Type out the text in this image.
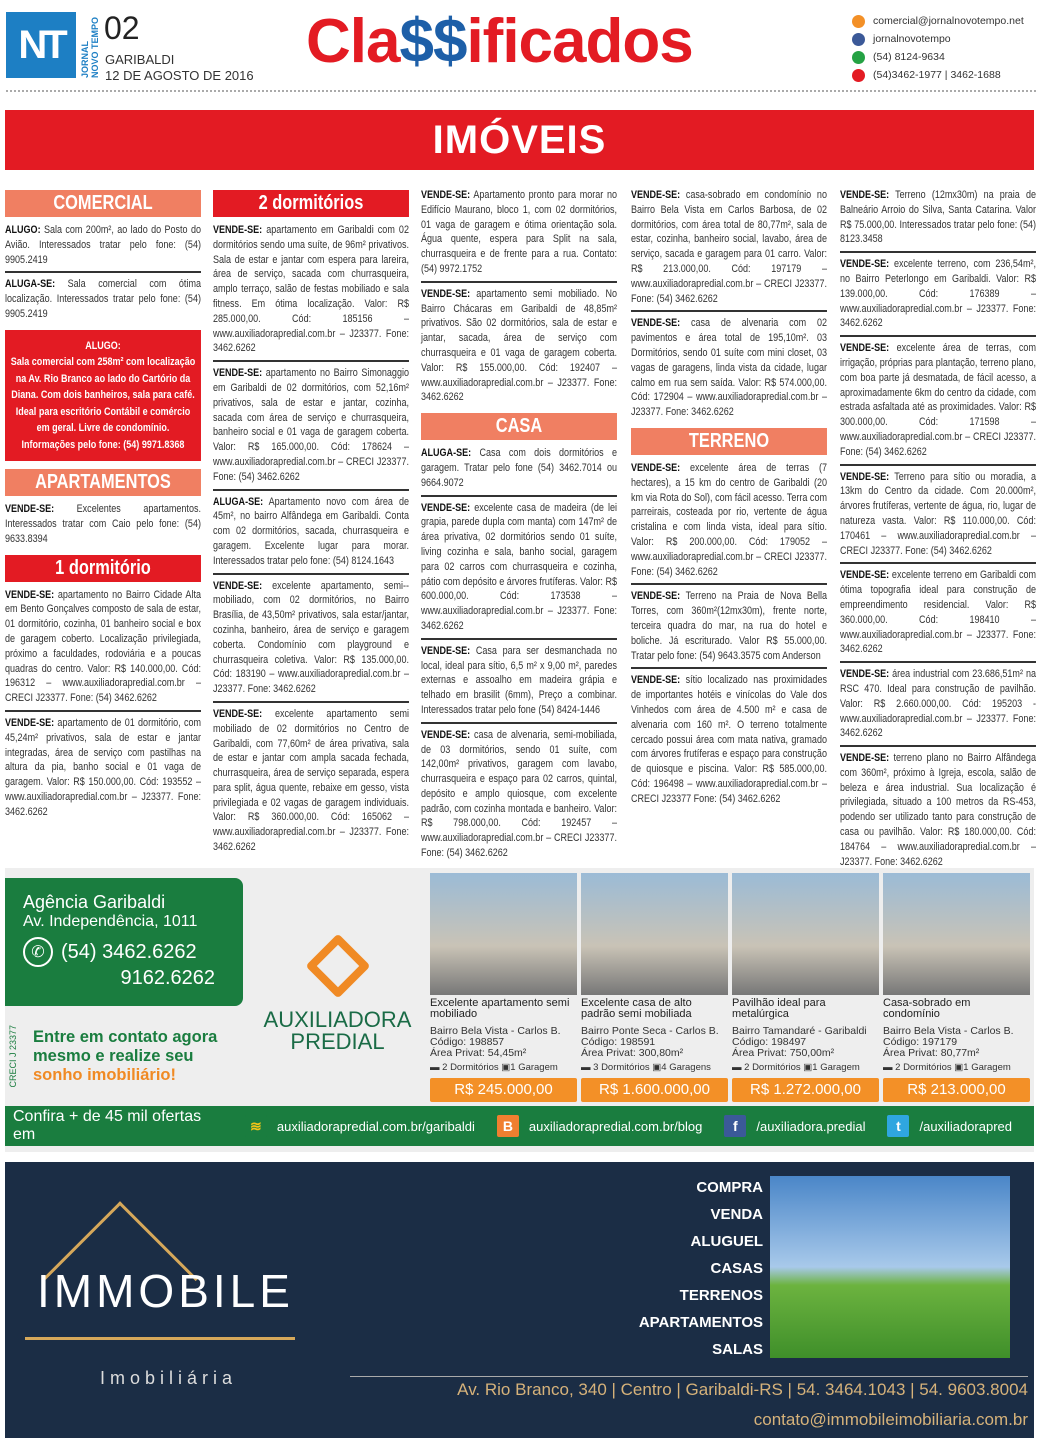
NT	JORNAL NOVO TEMPO 02
GARIBALDI
12 DE AGOSTO DE 2016 Cla$$ificados	comercial@jornalnovotempo.net
jornalnovotempo
(54) 8124-9634
(54)3462-1977 | 3462-1688
IMÓVEIS
COMERCIAL
ALUGO: Sala com 200m², ao lado do Posto do Avião. Interessados tratar pelo fone: (54) 9905.2419
ALUGA-SE: Sala comercial com ótima localização. Interessados tratar pelo fone: (54) 9905.2419
ALUGO:
Sala comercial com 258m² com localização na Av. Rio Branco ao lado do Cartório da Diana. Com dois banheiros, sala para café. Ideal para escritório Contábil e comércio em geral. Livre de condomínio. Informações pelo fone: (54) 9971.8368
APARTAMENTOS
VENDE-SE: Excelentes apartamentos. Interessados tratar com Caio pelo fone: (54) 9633.8394
1 dormitório
VENDE-SE: apartamento no Bairro Cidade Alta em Bento Gonçalves composto de sala de estar, 01 dormitório, cozinha, 01 banheiro social e box de garagem coberto. Localização privilegiada, próximo a faculdades, rodoviária e a poucas quadras do centro. Valor: R$ 140.000,00. Cód: 196312 – www.auxiliadorapredial.com.br – CRECI J23377. Fone: (54) 3462.6262
VENDE-SE: apartamento de 01 dormitório, com 45,24m² privativos, sala de estar e jantar integradas, área de serviço com pastilhas na altura da pia, banho social e 01 vaga de garagem. Valor: R$ 150.000,00. Cód: 193552 – www.auxiliadorapredial.com.br – J23377. Fone: 3462.6262
2 dormitórios
VENDE-SE: apartamento em Garibaldi com 02 dormitórios sendo uma suíte, de 96m² privativos. Sala de estar e jantar com espera para lareira, área de serviço, sacada com churrasqueira, amplo terraço, salão de festas mobiliado e sala fitness. Em ótima localização. Valor: R$ 285.000,00. Cód: 185156 – www.auxiliadorapredial.com.br – J23377. Fone: 3462.6262
VENDE-SE: apartamento no Bairro Simonaggio em Garibaldi de 02 dormitórios, com 52,16m² privativos, sala de estar e jantar, cozinha, sacada com área de serviço e churrasqueira, banheiro social e 01 vaga de garagem coberta. Valor: R$ 165.000,00. Cód: 178624 – www.auxiliadorapredial.com.br – CRECI J23377. Fone: (54) 3462.6262
ALUGA-SE: Apartamento novo com área de 45m², no bairro Alfândega em Garibaldi. Conta com 02 dormitórios, sacada, churrasqueira e garagem. Excelente lugar para morar. Interessados tratar pelo fone: (54) 8124.1643
VENDE-SE: excelente apartamento, semi--mobiliado, com 02 dormitórios, no Bairro Brasília, de 43,50m² privativos, sala estar/jantar, cozinha, banheiro, área de serviço e garagem coberta. Condomínio com playground e churrasqueira coletiva. Valor: R$ 135.000,00. Cód: 183190 – www.auxiliadorapredial.com.br – J23377. Fone: 3462.6262
VENDE-SE: excelente apartamento semi mobiliado de 02 dormitórios no Centro de Garibaldi, com 77,60m² de área privativa, sala de estar e jantar com ampla sacada fechada, churrasqueira, área de serviço separada, espera para split, água quente, rebaixe em gesso, vista privilegiada e 02 vagas de garagem individuais. Valor: R$ 360.000,00. Cód: 165062 – www.auxiliadorapredial.com.br – J23377. Fone: 3462.6262
VENDE-SE: Apartamento pronto para morar no Edifício Maurano, bloco 1, com 02 dormitórios, 01 vaga de garagem e ótima orientação sola. Água quente, espera para Split na sala, churrasqueira e de frente para a rua. Contato: (54) 9972.1752
VENDE-SE: apartamento semi mobiliado. No Bairro Chácaras em Garibaldi de 48,85m² privativos. São 02 dormitórios, sala de estar e jantar, sacada, área de serviço com churrasqueira e 01 vaga de garagem coberta. Valor: R$ 155.000,00. Cód: 192407 – www.auxiliadorapredial.com.br – J23377. Fone: 3462.6262
CASA
ALUGA-SE: Casa com dois dormitórios e garagem. Tratar pelo fone (54) 3462.7014 ou 9664.9072
VENDE-SE: excelente casa de madeira (de lei grapia, parede dupla com manta) com 147m² de área privativa, 02 dormitórios sendo 01 suíte, living cozinha e sala, banho social, garagem para 02 carros com churrasqueira e cozinha, pátio com depósito e árvores frutíferas. Valor: R$ 600.000,00. Cód: 173538 – www.auxiliadorapredial.com.br – J23377. Fone: 3462.6262
VENDE-SE: Casa para ser desmanchada no local, ideal para sítio, 6,5 m² x 9,00 m², paredes externas e assoalho em madeira grápia e telhado em brasilit (6mm), Preço a combinar. Interessados tratar pelo fone (54) 8424-1446
VENDE-SE: casa de alvenaria, semi-mobiliada, de 03 dormitórios, sendo 01 suíte, com 142,00m² privativos, garagem com lavabo, churrasqueira e espaço para 02 carros, quintal, depósito e amplo quiosque, com excelente padrão, com cozinha montada e banheiro. Valor: R$ 798.000,00. Cód: 192457 – www.auxiliadorapredial.com.br – CRECI J23377. Fone: (54) 3462.6262
VENDE-SE: casa-sobrado em condomínio no Bairro Bela Vista em Carlos Barbosa, de 02 dormitórios, com área total de 80,77m², sala de estar, cozinha, banheiro social, lavabo, área de serviço, sacada e garagem para 01 carro. Valor: R$ 213.000,00. Cód: 197179 – www.auxiliadorapredial.com.br – CRECI J23377. Fone: (54) 3462.6262
VENDE-SE: casa de alvenaria com 02 pavimentos e área total de 195,10m². 03 Dormitórios, sendo 01 suíte com mini closet, 03 vagas de garagens, linda vista da cidade, lugar calmo em rua sem saída. Valor: R$ 574.000,00. Cód: 172904 – www.auxiliadorapredial.com.br – J23377. Fone: 3462.6262
TERRENO
VENDE-SE: excelente área de terras (7 hectares), a 15 km do centro de Garibaldi (20 km via Rota do Sol), com fácil acesso. Terra com parreirais, costeada por rio, vertente de água cristalina e com linda vista, ideal para sítio. Valor: R$ 200.000,00. Cód: 179052 – www.auxiliadorapredial.com.br – CRECI J23377. Fone: (54) 3462.6262
VENDE-SE: Terreno na Praia de Nova Bella Torres, com 360m²(12mx30m), frente norte, terceira quadra do mar, na rua do hotel e boliche. Já escriturado. Valor R$ 55.000,00. Tratar pelo fone: (54) 9643.3575 com Anderson
VENDE-SE: sítio localizado nas proximidades de importantes hotéis e vinícolas do Vale dos Vinhedos com área de 4.500 m² e casa de alvenaria com 160 m². O terreno totalmente cercado possui área com mata nativa, gramado com árvores frutíferas e espaço para construção de quiosque e piscina. Valor: R$ 585.000,00. Cód: 196498 – www.auxiliadorapredial.com.br – CRECI J23377 Fone: (54) 3462.6262
VENDE-SE: Terreno (12mx30m) na praia de Balneário Arroio do Silva, Santa Catarina. Valor R$ 75.000,00. Interessados tratar pelo fone: (54) 8123.3458
VENDE-SE: excelente terreno, com 236,54m², no Bairro Peterlongo em Garibaldi. Valor: R$ 139.000,00. Cód: 176389 – www.auxiliadorapredial.com.br – J23377. Fone: 3462.6262
VENDE-SE: excelente área de terras, com irrigação, próprias para plantação, terreno plano, com boa parte já desmatada, de fácil acesso, a aproximadamente 6km do centro da cidade, com estrada asfaltada até as proximidades. Valor: R$ 300.000,00. Cód: 171598 – www.auxiliadorapredial.com.br – CRECI J23377. Fone: (54) 3462.6262
VENDE-SE: Terreno para sítio ou moradia, a 13km do Centro da cidade. Com 20.000m², árvores frutíferas, vertente de água, rio, lugar de natureza vasta. Valor: R$ 110.000,00. Cód: 170461 – www.auxiliadorapredial.com.br – CRECI J23377. Fone: (54) 3462.6262
VENDE-SE: excelente terreno em Garibaldi com ótima topografia ideal para construção de empreendimento residencial. Valor: R$ 360.000,00. Cód: 198410 – www.auxiliadorapredial.com.br – J23377. Fone: 3462.6262
VENDE-SE: área industrial com 23.686,51m² na RSC 470. Ideal para construção de pavilhão. Valor: R$ 2.660.000,00. Cód: 195203 - www.auxiliadorapredial.com.br – J23377. Fone: 3462.6262
VENDE-SE: terreno plano no Bairro Alfândega com 360m², próximo à Igreja, escola, salão de beleza e área industrial. Sua localização é privilegiada, situado a 100 metros da RS-453, podendo ser utilizado tanto para construção de casa ou pavilhão. Valor: R$ 180.000,00. Cód: 184764 – www.auxiliadorapredial.com.br – J23377. Fone: 3462.6262
Agência Garibaldi
Av. Independência, 1011
✆ (54) 3462.6262
9162.6262
CRECI J 23377 Entre em contato agora
mesmo e realize seu
sonho imobiliário!
AUXILIADORA
PREDIAL
Excelente apartamento semi mobiliado
Bairro Bela Vista - Carlos B.
Código: 198857
Área Privat: 54,45m²
▬ 2 Dormitórios ▣1 Garagem
R$ 245.000,00
Excelente casa de alto padrão semi mobiliada
Bairro Ponte Seca - Carlos B.
Código: 198591
Área Privat: 300,80m²
▬ 3 Dormitórios ▣4 Garagens
R$ 1.600.000,00
Pavilhão ideal para metalúrgica
Bairro Tamandaré - Garibaldi
Código: 198497
Área Privat: 750,00m²
▬ 2 Dormitórios ▣1 Garagem
R$ 1.272.000,00
Casa-sobrado em condomínio
Bairro Bela Vista - Carlos B.
Código: 197179
Área Privat: 80,77m²
▬ 2 Dormitórios ▣1 Garagem
R$ 213.000,00
Confira + de 45 mil ofertas em
≋	auxiliadorapredial.com.br/garibaldi	B	auxiliadorapredial.com.br/blog	f	/auxiliadora.predial	t	/auxiliadorapred
IMMOBILE
Imobiliária
COMPRA
VENDA
ALUGUEL
CASAS
TERRENOS
APARTAMENTOS
SALAS
Av. Rio Branco, 340 | Centro | Garibaldi-RS | 54. 3464.1043 | 54. 9603.8004
contato@immobileimobiliaria.com.br
